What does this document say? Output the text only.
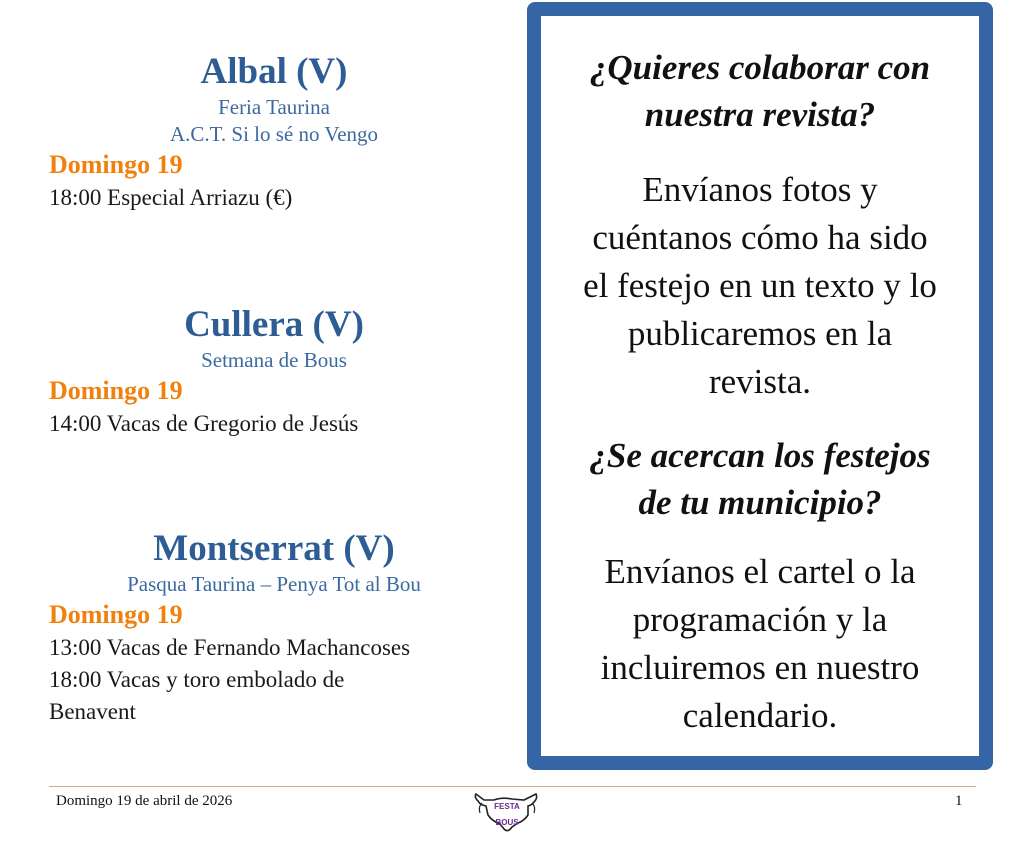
Albal (V)
Feria Taurina
A.C.T. Si lo sé no Vengo
Domingo 19
18:00 Especial Arriazu (€)
Cullera (V)
Setmana de Bous
Domingo 19
14:00 Vacas de Gregorio de Jesús
Montserrat (V)
Pasqua Taurina – Penya Tot al Bou
Domingo 19
13:00 Vacas de Fernando Machancoses
18:00 Vacas y toro embolado de
Benavent
¿Quieres colaborar con
nuestra revista?
Envíanos fotos y
cuéntanos cómo ha sido
el festejo en un texto y lo
publicaremos en la
revista.
¿Se acercan los festejos
de tu municipio?
Envíanos el cartel o la
programación y la
incluiremos en nuestro
calendario.
Domingo 19 de abril de 2026	FESTA
BOUS
1
